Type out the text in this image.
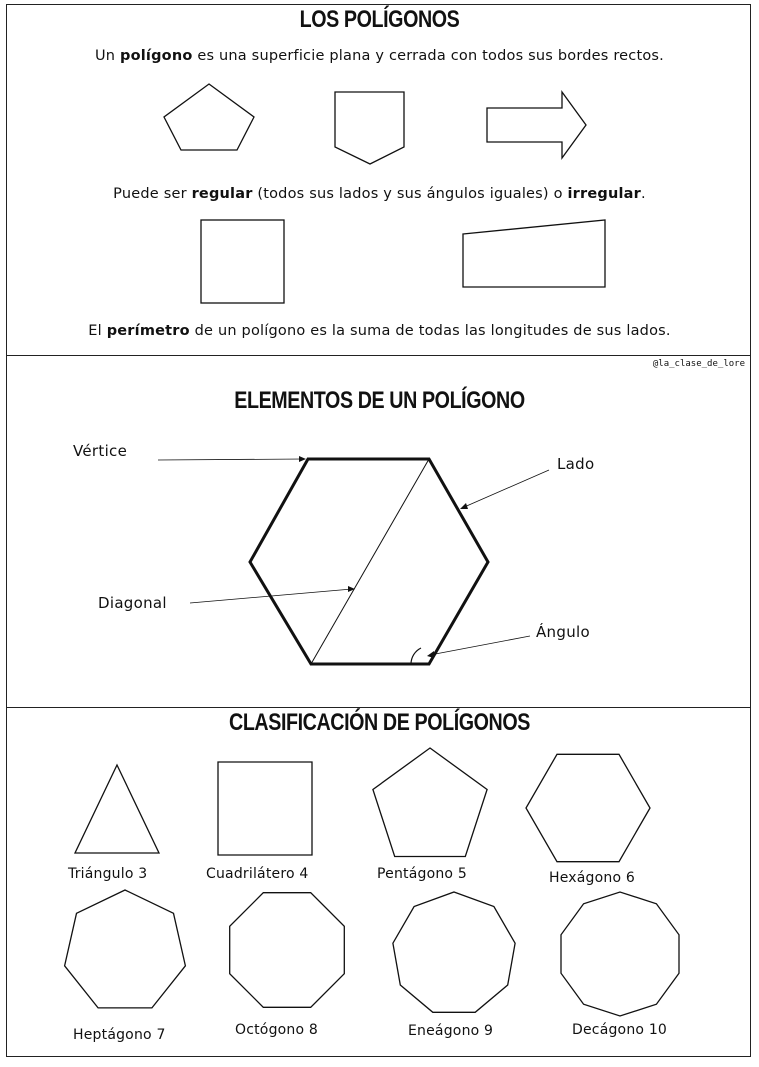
LOS POLÍGONOS
Un polígono es una superficie plana y cerrada con todos sus bordes rectos.
Puede ser regular (todos sus lados y sus ángulos iguales) o irregular.
El perímetro de un polígono es la suma de todas las longitudes de sus lados.
@la_clase_de_lore
ELEMENTOS DE UN POLÍGONO
Vértice
Lado
Diagonal
Ángulo
CLASIFICACIÓN DE POLÍGONOS
Triángulo 3	Cuadrilátero 4	Pentágono 5	Hexágono 6
Heptágono 7	Octógono 8	Eneágono 9	Decágono 10
